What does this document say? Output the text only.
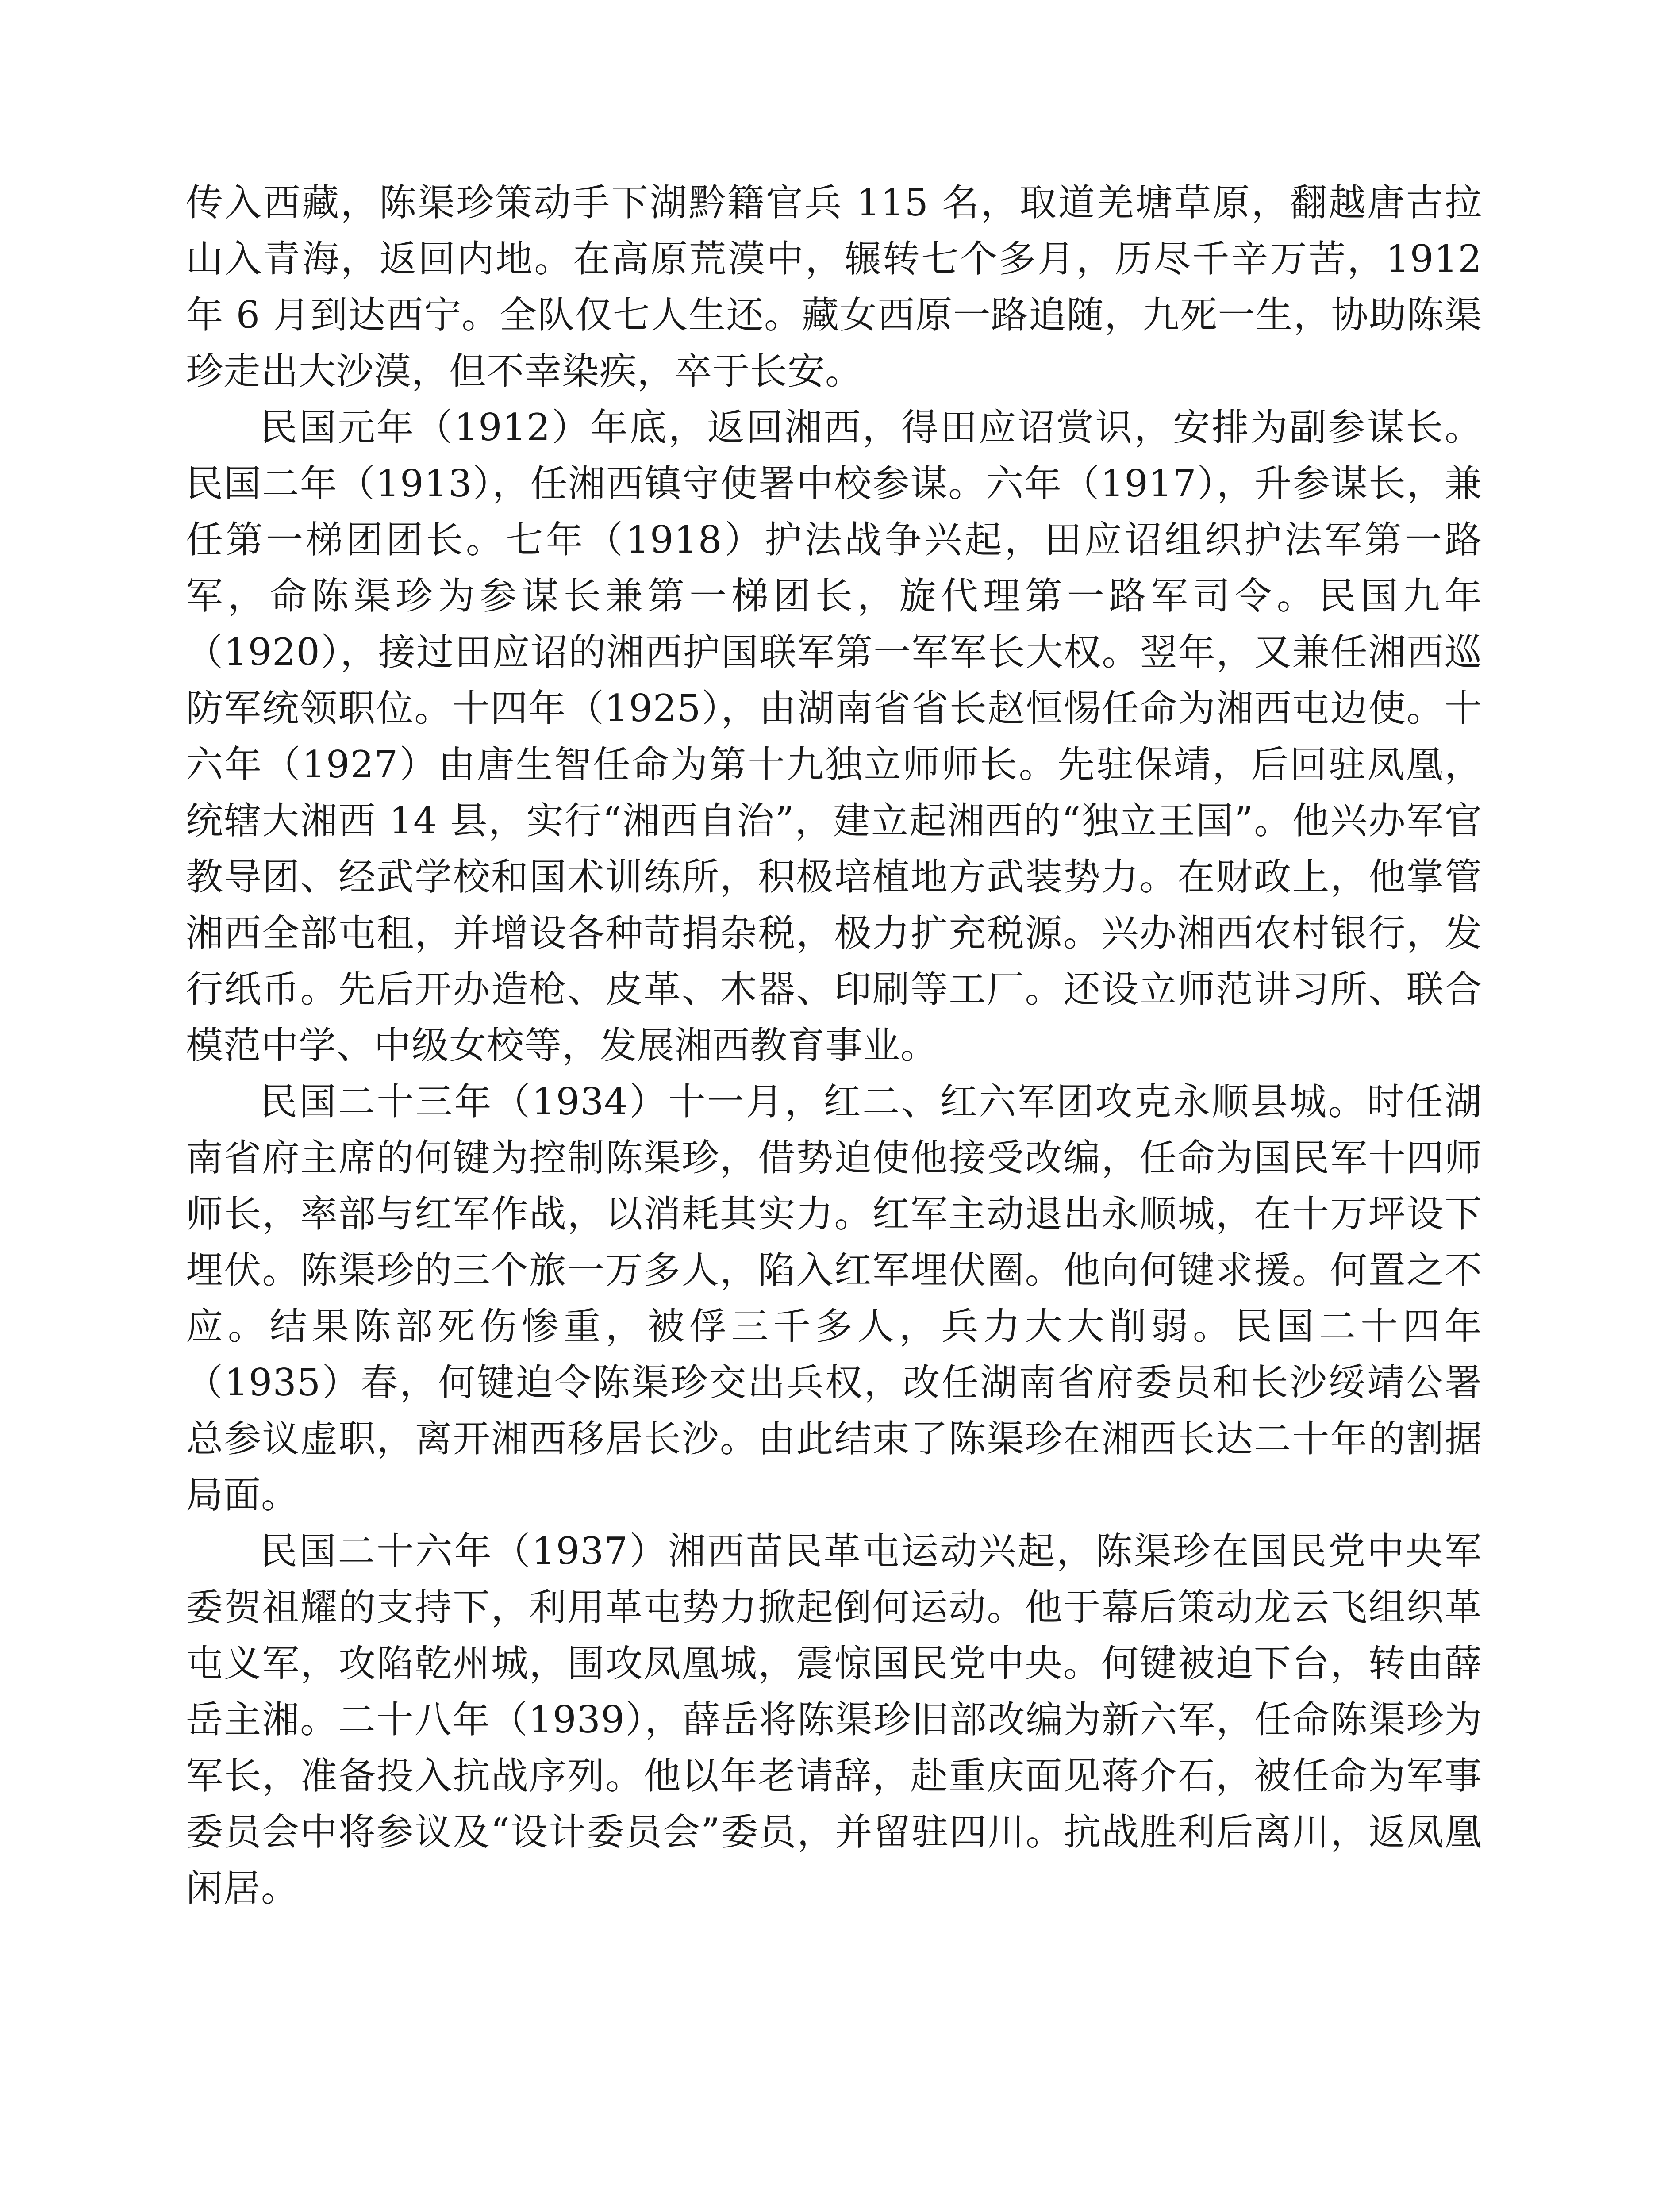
传入西藏，陈渠珍策动手下湖黔籍官兵 115 名，取道羌塘草原，翻越唐古拉山入青海，返回内地。在高原荒漠中，辗转七个多月，历尽千辛万苦，1912 年 6 月到达西宁。全队仅七人生还。藏女西原一路追随，九死一生，协助陈渠珍走出大沙漠，但不幸染疾，卒于长安。

民国元年（1912）年底，返回湘西，得田应诏赏识，安排为副参谋长。民国二年（1913），任湘西镇守使署中校参谋。六年（1917），升参谋长，兼任第一梯团团长。七年（1918）护法战争兴起，田应诏组织护法军第一路军，命陈渠珍为参谋长兼第一梯团长，旋代理第一路军司令。民国九年（1920），接过田应诏的湘西护国联军第一军军长大权。翌年，又兼任湘西巡防军统领职位。十四年（1925），由湖南省省长赵恒惕任命为湘西屯边使。十六年（1927）由唐生智任命为第十九独立师师长。先驻保靖，后回驻凤凰，统辖大湘西 14 县，实行“湘西自治”，建立起湘西的“独立王国”。他兴办军官教导团、经武学校和国术训练所，积极培植地方武装势力。在财政上，他掌管湘西全部屯租，并增设各种苛捐杂税，极力扩充税源。兴办湘西农村银行，发行纸币。先后开办造枪、皮革、木器、印刷等工厂。还设立师范讲习所、联合模范中学、中级女校等，发展湘西教育事业。

民国二十三年（1934）十一月，红二、红六军团攻克永顺县城。时任湖南省府主席的何键为控制陈渠珍，借势迫使他接受改编，任命为国民军十四师师长，率部与红军作战，以消耗其实力。红军主动退出永顺城，在十万坪设下埋伏。陈渠珍的三个旅一万多人，陷入红军埋伏圈。他向何键求援。何置之不应。结果陈部死伤惨重，被俘三千多人，兵力大大削弱。民国二十四年（1935）春，何键迫令陈渠珍交出兵权，改任湖南省府委员和长沙绥靖公署总参议虚职，离开湘西移居长沙。由此结束了陈渠珍在湘西长达二十年的割据局面。

民国二十六年（1937）湘西苗民革屯运动兴起，陈渠珍在国民党中央军委贺祖耀的支持下，利用革屯势力掀起倒何运动。他于幕后策动龙云飞组织革屯义军，攻陷乾州城，围攻凤凰城，震惊国民党中央。何键被迫下台，转由薛岳主湘。二十八年（1939），薛岳将陈渠珍旧部改编为新六军，任命陈渠珍为军长，准备投入抗战序列。他以年老请辞，赴重庆面见蒋介石，被任命为军事委员会中将参议及“设计委员会”委员，并留驻四川。抗战胜利后离川，返凤凰闲居。
